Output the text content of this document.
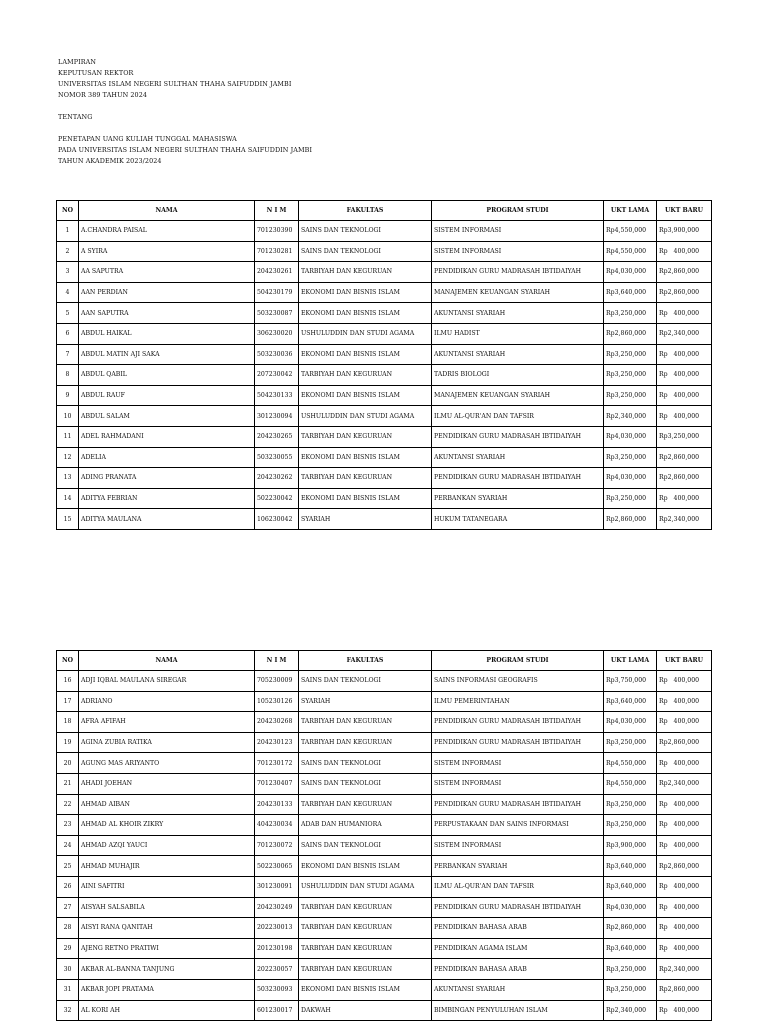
LAMPIRAN
KEPUTUSAN REKTOR
UNIVERSITAS ISLAM NEGERI SULTHAN THAHA SAIFUDDIN JAMBI
NOMOR 389 TAHUN 2024
TENTANG
PENETAPAN UANG KULIAH TUNGGAL MAHASISWA
PADA UNIVERSITAS ISLAM NEGERI SULTHAN THAHA SAIFUDDIN JAMBI
TAHUN AKADEMIK 2023/2024
NO	NAMA	N I M	FAKULTAS	PROGRAM STUDI	UKT LAMA	UKT BARU
1	A.CHANDRA PAISAL	701230390	SAINS DAN TEKNOLOGI	SISTEM INFORMASI	Rp4,550,000	Rp3,900,000
2	A SYIRA	701230281	SAINS DAN TEKNOLOGI	SISTEM INFORMASI	Rp4,550,000	Rp   400,000
3	AA SAPUTRA	204230261	TARBIYAH DAN KEGURUAN	PENDIDIKAN GURU MADRASAH IBTIDAIYAH	Rp4,030,000	Rp2,860,000
4	AAN PERDIAN	504230179	EKONOMI DAN BISNIS ISLAM	MANAJEMEN KEUANGAN SYARIAH	Rp3,640,000	Rp2,860,000
5	AAN SAPUTRA	503230087	EKONOMI DAN BISNIS ISLAM	AKUNTANSI SYARIAH	Rp3,250,000	Rp   400,000
6	ABDUL HAIKAL	306230020	USHULUDDIN DAN STUDI AGAMA	ILMU HADIST	Rp2,860,000	Rp2,340,000
7	ABDUL MATIN AJI SAKA	503230036	EKONOMI DAN BISNIS ISLAM	AKUNTANSI SYARIAH	Rp3,250,000	Rp   400,000
8	ABDUL QABIL	207230042	TARBIYAH DAN KEGURUAN	TADRIS BIOLOGI	Rp3,250,000	Rp   400,000
9	ABDUL RAUF	504230133	EKONOMI DAN BISNIS ISLAM	MANAJEMEN KEUANGAN SYARIAH	Rp3,250,000	Rp   400,000
10	ABDUL SALAM	301230094	USHULUDDIN DAN STUDI AGAMA	ILMU AL-QUR'AN DAN TAFSIR	Rp2,340,000	Rp   400,000
11	ADEL RAHMADANI	204230265	TARBIYAH DAN KEGURUAN	PENDIDIKAN GURU MADRASAH IBTIDAIYAH	Rp4,030,000	Rp3,250,000
12	ADELIA	503230055	EKONOMI DAN BISNIS ISLAM	AKUNTANSI SYARIAH	Rp3,250,000	Rp2,860,000
13	ADING PRANATA	204230262	TARBIYAH DAN KEGURUAN	PENDIDIKAN GURU MADRASAH IBTIDAIYAH	Rp4,030,000	Rp2,860,000
14	ADITYA FEBRIAN	502230042	EKONOMI DAN BISNIS ISLAM	PERBANKAN SYARIAH	Rp3,250,000	Rp   400,000
15	ADITYA MAULANA	106230042	SYARIAH	HUKUM TATANEGARA	Rp2,860,000	Rp2,340,000
NO	NAMA	N I M	FAKULTAS	PROGRAM STUDI	UKT LAMA	UKT BARU
16	ADJI IQBAL MAULANA SIREGAR	705230009	SAINS DAN TEKNOLOGI	SAINS INFORMASI GEOGRAFIS	Rp3,750,000	Rp   400,000
17	ADRIANO	105230126	SYARIAH	ILMU PEMERINTAHAN	Rp3,640,000	Rp   400,000
18	AFRA AFIFAH	204230268	TARBIYAH DAN KEGURUAN	PENDIDIKAN GURU MADRASAH IBTIDAIYAH	Rp4,030,000	Rp   400,000
19	AGINA ZUBIA RATIKA	204230123	TARBIYAH DAN KEGURUAN	PENDIDIKAN GURU MADRASAH IBTIDAIYAH	Rp3,250,000	Rp2,860,000
20	AGUNG MAS ARIYANTO	701230172	SAINS DAN TEKNOLOGI	SISTEM INFORMASI	Rp4,550,000	Rp   400,000
21	AHADI JOEHAN	701230407	SAINS DAN TEKNOLOGI	SISTEM INFORMASI	Rp4,550,000	Rp2,340,000
22	AHMAD AIBAN	204230133	TARBIYAH DAN KEGURUAN	PENDIDIKAN GURU MADRASAH IBTIDAIYAH	Rp3,250,000	Rp   400,000
23	AHMAD AL KHOIR ZIKRY	404230034	ADAB DAN HUMANIORA	PERPUSTAKAAN DAN SAINS INFORMASI	Rp3,250,000	Rp   400,000
24	AHMAD AZQI YAUCI	701230072	SAINS DAN TEKNOLOGI	SISTEM INFORMASI	Rp3,900,000	Rp   400,000
25	AHMAD MUHAJIR	502230065	EKONOMI DAN BISNIS ISLAM	PERBANKAN SYARIAH	Rp3,640,000	Rp2,860,000
26	AINI SAFITRI	301230091	USHULUDDIN DAN STUDI AGAMA	ILMU AL-QUR'AN DAN TAFSIR	Rp3,640,000	Rp   400,000
27	AISYAH SALSABILA	204230249	TARBIYAH DAN KEGURUAN	PENDIDIKAN GURU MADRASAH IBTIDAIYAH	Rp4,030,000	Rp   400,000
28	AISYI RANA QANITAH	202230013	TARBIYAH DAN KEGURUAN	PENDIDIKAN BAHASA ARAB	Rp2,860,000	Rp   400,000
29	AJENG RETNO PRATIWI	201230198	TARBIYAH DAN KEGURUAN	PENDIDIKAN AGAMA ISLAM	Rp3,640,000	Rp   400,000
30	AKBAR AL-BANNA TANJUNG	202230057	TARBIYAH DAN KEGURUAN	PENDIDIKAN BAHASA ARAB	Rp3,250,000	Rp2,340,000
31	AKBAR JOPI PRATAMA	503230093	EKONOMI DAN BISNIS ISLAM	AKUNTANSI SYARIAH	Rp3,250,000	Rp2,860,000
32	AL KORI AH	601230017	DAKWAH	BIMBINGAN PENYULUHAN ISLAM	Rp2,340,000	Rp   400,000
